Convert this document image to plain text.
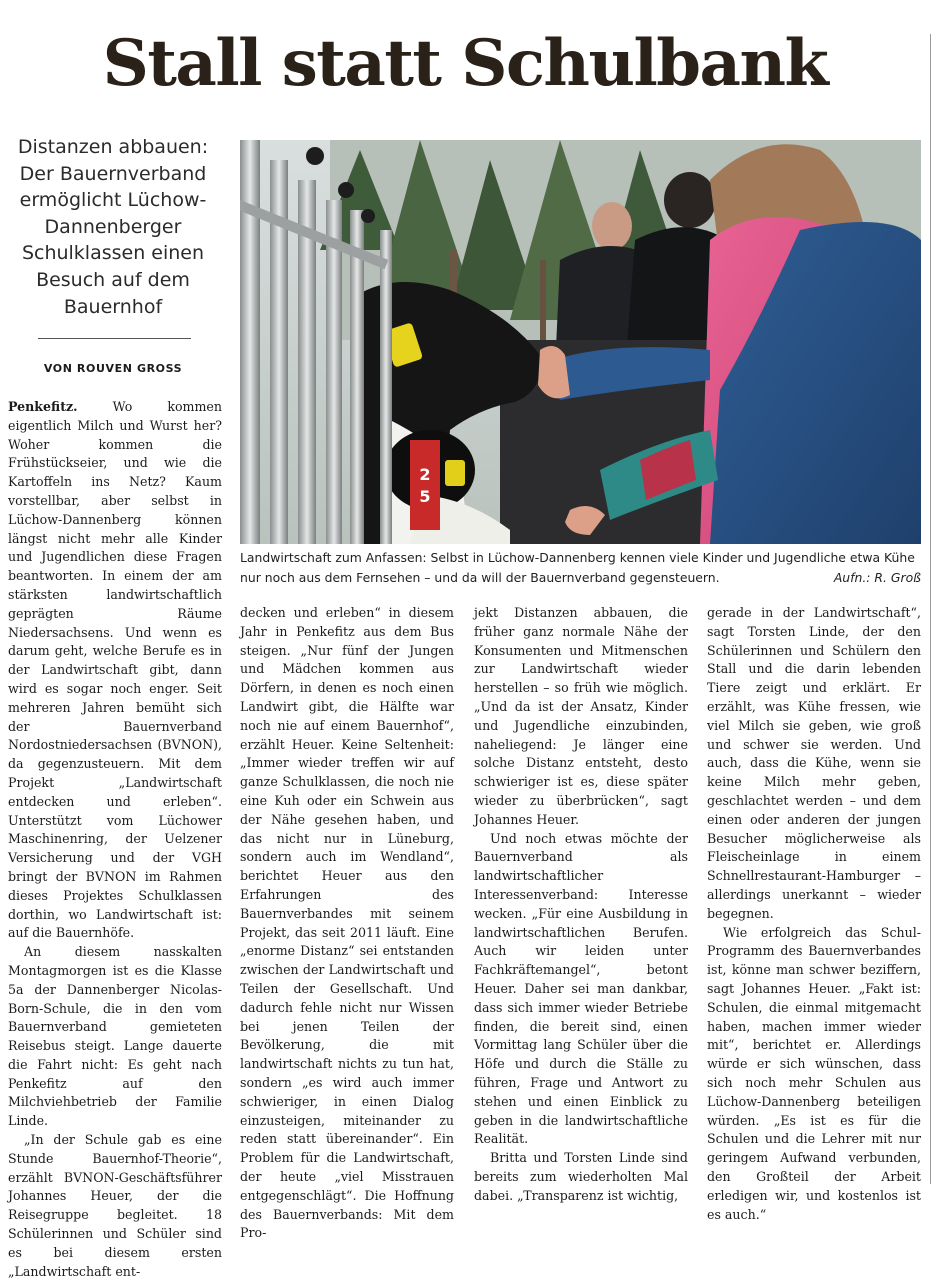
Stall statt Schulbank
Distanzen abbauen: Der Bauernverband ermöglicht Lüchow-Dannenberger Schulklassen einen Besuch auf dem Bauernhof
VON ROUVEN GROSS
2
5
Landwirtschaft zum Anfassen: Selbst in Lüchow-Dannenberg kennen viele Kinder und Jugendliche etwa Kühe nur noch aus dem Fernsehen – und da will der Bauernverband gegensteuern.	Aufn.: R. Groß

Penkefitz. Wo kommen eigentlich Milch und Wurst her? Woher kommen die Frühstückseier, und wie die Kartoffeln ins Netz? Kaum vorstellbar, aber selbst in Lüchow-Dannenberg können längst nicht mehr alle Kinder und Jugendlichen diese Fragen beantworten. In einem der am stärksten landwirtschaftlich geprägten Räume Niedersachsens. Und wenn es darum geht, welche Berufe es in der Landwirtschaft gibt, dann wird es sogar noch enger. Seit mehreren Jahren bemüht sich der Bauernverband Nordostniedersachsen (BVNON), da gegenzusteuern. Mit dem Projekt „Landwirtschaft entdecken und erleben“. Unterstützt vom Lüchower Maschinenring, der Uelzener Versicherung und der VGH bringt der BVNON im Rahmen dieses Projektes Schulklassen dorthin, wo Landwirtschaft ist: auf die Bauernhöfe.

An diesem nasskalten Montagmorgen ist es die Klasse 5a der Dannenberger Nicolas-Born-Schule, die in den vom Bauernverband gemieteten Reisebus steigt. Lange dauerte die Fahrt nicht: Es geht nach Penkefitz auf den Milchviehbetrieb der Familie Linde.

„In der Schule gab es eine Stunde Bauernhof-Theorie“, erzählt BVNON-Geschäftsführer Johannes Heuer, der die Reisegruppe begleitet. 18 Schülerinnen und Schüler sind es bei diesem ersten „Landwirtschaft ent-

decken und erleben“ in diesem Jahr in Penkefitz aus dem Bus steigen. „Nur fünf der Jungen und Mädchen kommen aus Dörfern, in denen es noch einen Landwirt gibt, die Hälfte war noch nie auf einem Bauernhof“, erzählt Heuer. Keine Seltenheit: „Immer wieder treffen wir auf ganze Schulklassen, die noch nie eine Kuh oder ein Schwein aus der Nähe gesehen haben, und das nicht nur in Lüneburg, sondern auch im Wendland“, berichtet Heuer aus den Erfahrungen des Bauernverbandes mit seinem Projekt, das seit 2011 läuft. Eine „enorme Distanz“ sei entstanden zwischen der Landwirtschaft und Teilen der Gesellschaft. Und dadurch fehle nicht nur Wissen bei jenen Teilen der Bevölkerung, die mit landwirtschaft nichts zu tun hat, sondern „es wird auch immer schwieriger, in einen Dialog einzusteigen, miteinander zu reden statt übereinander“. Ein Problem für die Landwirtschaft, der heute „viel Misstrauen entgegenschlägt“. Die Hoffnung des Bauernverbands: Mit dem Pro-

jekt Distanzen abbauen, die früher ganz normale Nähe der Konsumenten und Mitmenschen zur Landwirtschaft wieder herstellen – so früh wie möglich. „Und da ist der Ansatz, Kinder und Jugendliche einzubinden, naheliegend: Je länger eine solche Distanz entsteht, desto schwieriger ist es, diese später wieder zu überbrücken“, sagt Johannes Heuer.

Und noch etwas möchte der Bauernverband als landwirtschaftlicher Interessenverband: Interesse wecken. „Für eine Ausbildung in landwirtschaftlichen Berufen. Auch wir leiden unter Fachkräftemangel“, betont Heuer. Daher sei man dankbar, dass sich immer wieder Betriebe finden, die bereit sind, einen Vormittag lang Schüler über die Höfe und durch die Ställe zu führen, Frage und Antwort zu stehen und einen Einblick zu geben in die landwirtschaftliche Realität.

Britta und Torsten Linde sind bereits zum wiederholten Mal dabei. „Transparenz ist wichtig,

gerade in der Landwirtschaft“, sagt Torsten Linde, der den Schülerinnen und Schülern den Stall und die darin lebenden Tiere zeigt und erklärt. Er erzählt, was Kühe fressen, wie viel Milch sie geben, wie groß und schwer sie werden. Und auch, dass die Kühe, wenn sie keine Milch mehr geben, geschlachtet werden – und dem einen oder anderen der jungen Besucher möglicherweise als Fleischeinlage in einem Schnellrestaurant-Hamburger – allerdings unerkannt – wieder begegnen.

Wie erfolgreich das Schul-Programm des Bauernverbandes ist, könne man schwer beziffern, sagt Johannes Heuer. „Fakt ist: Schulen, die einmal mitgemacht haben, machen immer wieder mit“, berichtet er. Allerdings würde er sich wünschen, dass sich noch mehr Schulen aus Lüchow-Dannenberg beteiligen würden. „Es ist es für die Schulen und die Lehrer mit nur geringem Aufwand verbunden, den Großteil der Arbeit erledigen wir, und kostenlos ist es auch.“
